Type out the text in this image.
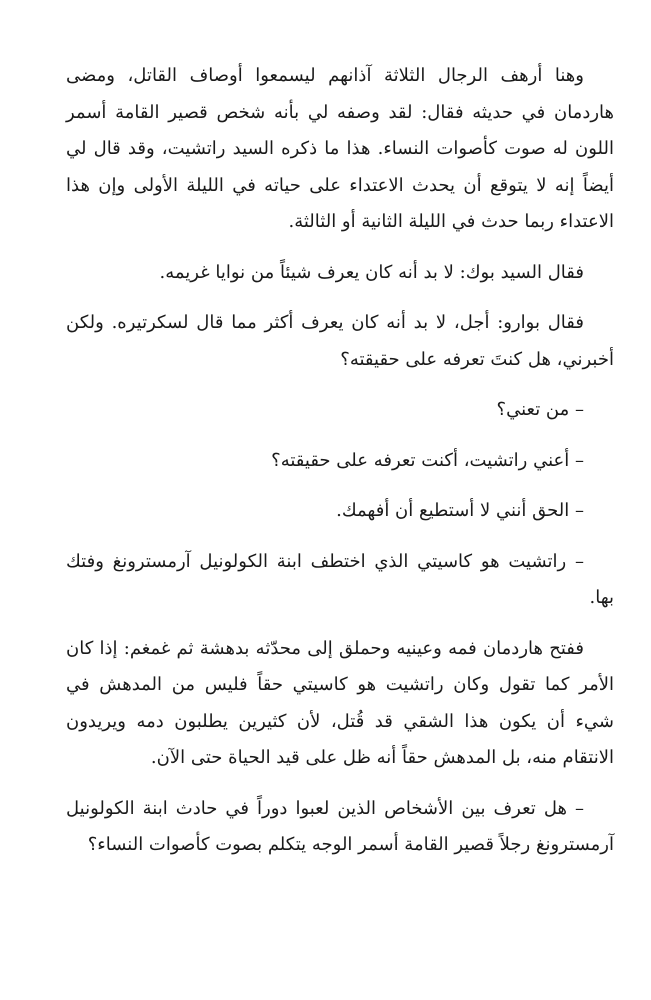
وهنا أرهف الرجال الثلاثة آذانهم ليسمعوا أوصاف القاتل، ومضى هاردمان في حديثه فقال: لقد وصفه لي بأنه شخص قصير القامة أسمر اللون له صوت كأصوات النساء. هذا ما ذكره السيد راتشيت، وقد قال لي أيضاً إنه لا يتوقع أن يحدث الاعتداء على حياته في الليلة الأولى وإن هذا الاعتداء ربما حدث في الليلة الثانية أو الثالثة.

فقال السيد بوك: لا بد أنه كان يعرف شيئاً من نوايا غريمه.

فقال بوارو: أجل، لا بد أنه كان يعرف أكثر مما قال لسكرتيره. ولكن أخبرني، هل كنتَ تعرفه على حقيقته؟

– من تعني؟

– أعني راتشيت، أكنت تعرفه على حقيقته؟

– الحق أنني لا أستطيع أن أفهمك.

– راتشيت هو كاسيتي الذي اختطف ابنة الكولونيل آرمسترونغ وفتك بها.

ففتح هاردمان فمه وعينيه وحملق إلى محدّثه بدهشة ثم غمغم: إذا كان الأمر كما تقول وكان راتشيت هو كاسيتي حقاً فليس من المدهش في شيء أن يكون هذا الشقي قد قُتل، لأن كثيرين يطلبون دمه ويريدون الانتقام منه، بل المدهش حقاً أنه ظل على قيد الحياة حتى الآن.

– هل تعرف بين الأشخاص الذين لعبوا دوراً في حادث ابنة الكولونيل آرمسترونغ رجلاً قصير القامة أسمر الوجه يتكلم بصوت كأصوات النساء؟
